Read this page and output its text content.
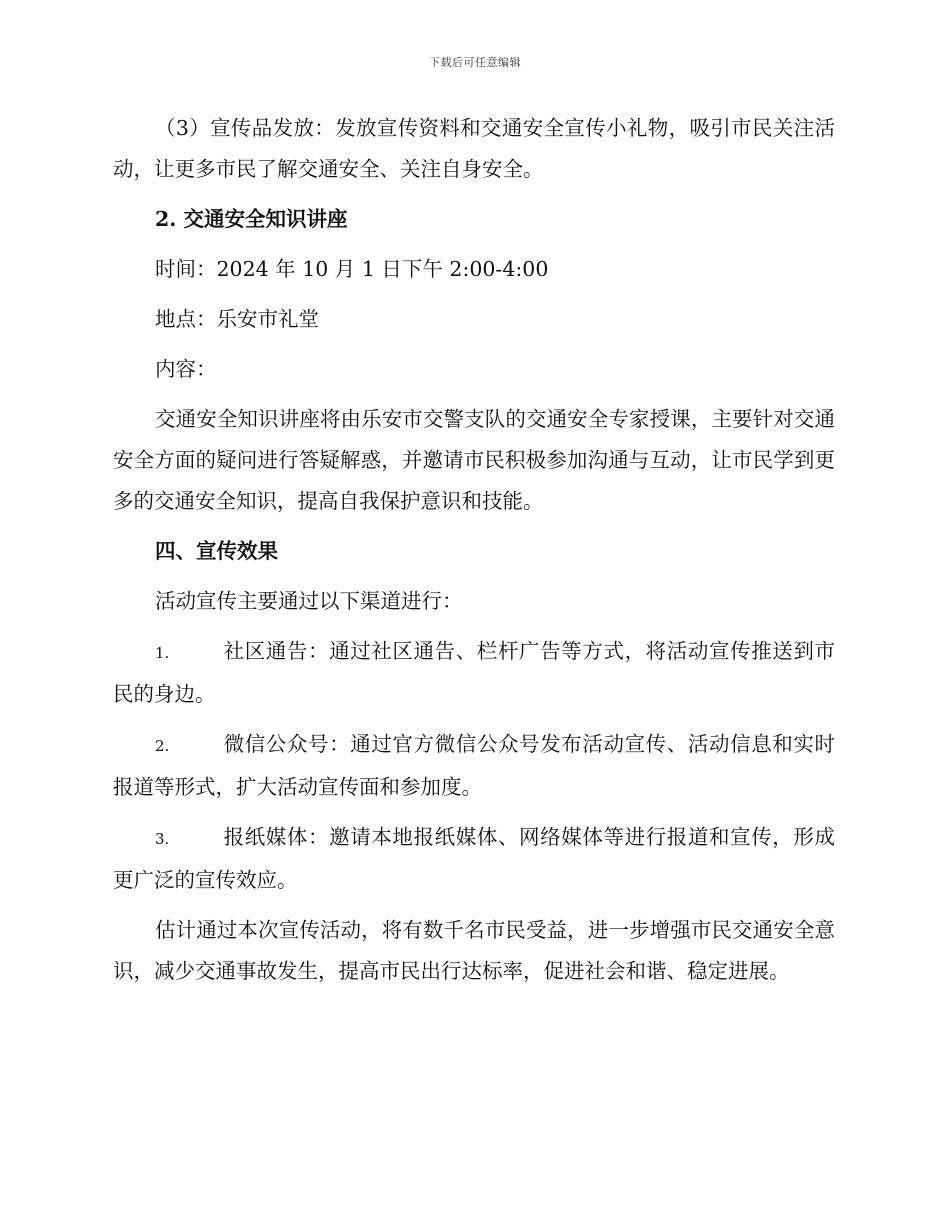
下载后可任意编辑

（3）宣传品发放：发放宣传资料和交通安全宣传小礼物，吸引市民关注活动，让更多市民了解交通安全、关注自身安全。

2. 交通安全知识讲座

时间：2024 年 10 月 1 日下午 2:00-4:00

地点：乐安市礼堂

内容：

交通安全知识讲座将由乐安市交警支队的交通安全专家授课，主要针对交通安全方面的疑问进行答疑解惑，并邀请市民积极参加沟通与互动，让市民学到更多的交通安全知识，提高自我保护意识和技能。

四、宣传效果

活动宣传主要通过以下渠道进行：

1.	社区通告：通过社区通告、栏杆广告等方式，将活动宣传推送到市民的身边。

2.	微信公众号：通过官方微信公众号发布活动宣传、活动信息和实时报道等形式，扩大活动宣传面和参加度。

3.	报纸媒体：邀请本地报纸媒体、网络媒体等进行报道和宣传，形成更广泛的宣传效应。

估计通过本次宣传活动，将有数千名市民受益，进一步增强市民交通安全意识，减少交通事故发生，提高市民出行达标率，促进社会和谐、稳定进展。
